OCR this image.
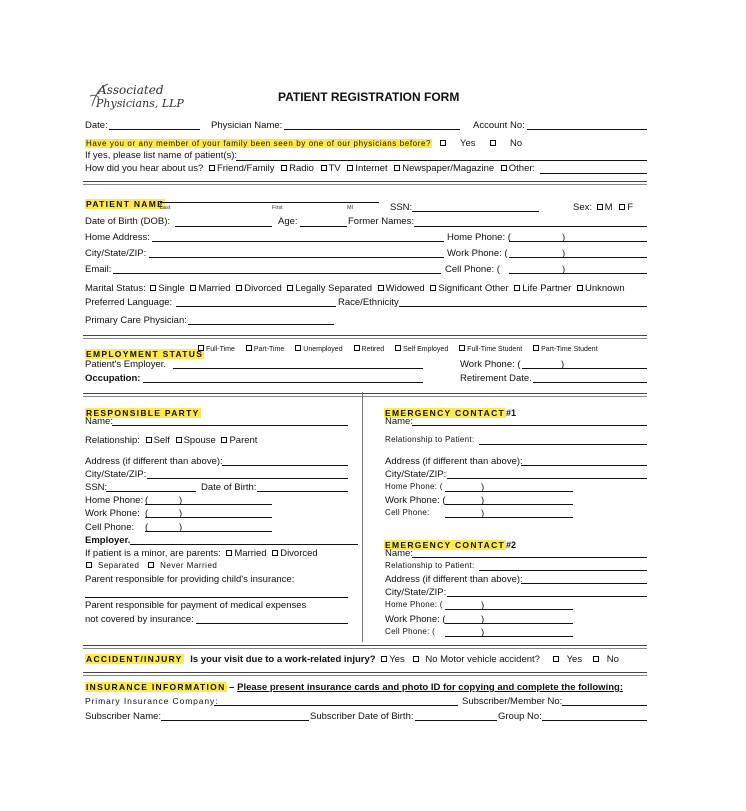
Associated
Physicians, LLP	PATIENT REGISTRATION FORM
Date:	Physician Name:	Account No:
Have you or any member of your family been seen by one of our physicians before?	Yes	No
If yes, please list name of patient(s):
How did you hear about us? Friend/Family Radio TV Internet Newspaper/Magazine Other:
PATIENT NAME	SSN:	Sex: M F
Last	First	MI
Date of Birth (DOB):	Age:	Former Names:
Home Address:	Home Phone: (	)
City/State/ZIP:	Work Phone: (	)
Email:	Cell Phone: (	)
Marital Status: Single Married Divorced Legally Separated Widowed Significant Other Life Partner Unknown
Preferred Language:	Race/Ethnicity
Primary Care Physician:
EMPLOYMENT STATUS Full-Time	Part-Time	Unemployed	Retired	Self Employed	Full-Time Student	Part-Time Student
Patient's Employer.	Work Phone: (	)
Occupation:	Retirement Date.
RESPONSIBLE PARTY
Name:
Relationship: Self Spouse Parent
Address (if different than above):
City/State/ZIP:
SSN:	Date of Birth:
Home Phone: (	)
Work Phone: (	)
Cell Phone: (	)
Employer.
If patient is a minor, are parents: Married Divorced
Separated	Never Married
Parent responsible for providing child's insurance:
Parent responsible for payment of medical expenses
not covered by insurance:
EMERGENCY CONTACT#1
Name:
Relationship to Patient:
Address (if different than above):
City/State/ZIP:
Home Phone: (	)
Work Phone: (	)
Cell Phone:	)
EMERGENCY CONTACT#2
Name:
Relationship to Patient:
Address (if different than above):
City/State/ZIP:
Home Phone: (	)
Work Phone: (	)
Cell Phone: (	)
ACCIDENT/INJURY Is your visit due to a work-related injury? Yes No Motor vehicle accident?	Yes	No
INSURANCE INFORMATION – Please present insurance cards and photo ID for copying and complete the following:
Primary Insurance Company:	Subscriber/Member No:
Subscriber Name:	Subscriber Date of Birth:	Group No:
